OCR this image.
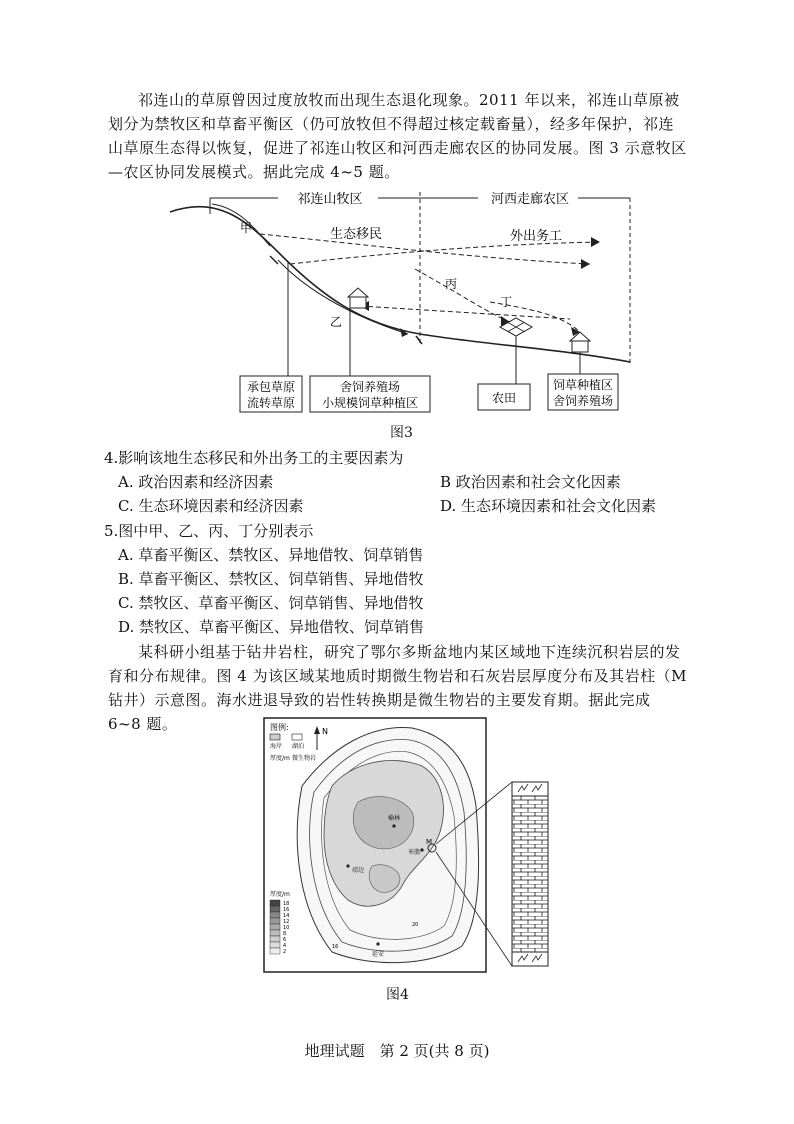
祁连山的草原曾因过度放牧而出现生态退化现象。2011 年以来，祁连山草原被划分为禁牧区和草畜平衡区（仍可放牧但不得超过核定载畜量），经多年保护，祁连山草原生态得以恢复，促进了祁连山牧区和河西走廊农区的协同发展。图 3 示意牧区—农区协同发展模式。据此完成 4~5 题。
祁连山牧区	河西走廊农区
甲
乙
生态移民	外出务工
丙
丁
承包草原
流转草原
舍饲养殖场
小规模饲草种植区	农田
饲草种植区
舍饲养殖场
图3
4.影响该地生态移民和外出务工的主要因素为
A. 政治因素和经济因素	B 政治因素和社会文化因素
C. 生态环境因素和经济因素	D. 生态环境因素和社会文化因素
5.图中甲、乙、丙、丁分别表示
A. 草畜平衡区、禁牧区、异地借牧、饲草销售
B. 草畜平衡区、禁牧区、饲草销售、异地借牧
C. 禁牧区、草畜平衡区、饲草销售、异地借牧
D. 禁牧区、草畜平衡区、异地借牧、饲草销售
某科研小组基于钻井岩柱，研究了鄂尔多斯盆地内某区域地下连续沉积岩层的发育和分布规律。图 4 为该区域某地质时期微生物岩和石灰岩层厚度分布及其岩柱（M 钻井）示意图。海水进退导致的岩性转换期是微生物岩的主要发育期。据此完成 6~8 题。	图例:
海岸 湖泊
厚度/m 微生物岩
N
榆林
米脂
靖边
延安
20
16
M
厚度/m
18
16
14
12
10
8
6
4
2
图4
地理试题　第 2 页(共 8 页)
